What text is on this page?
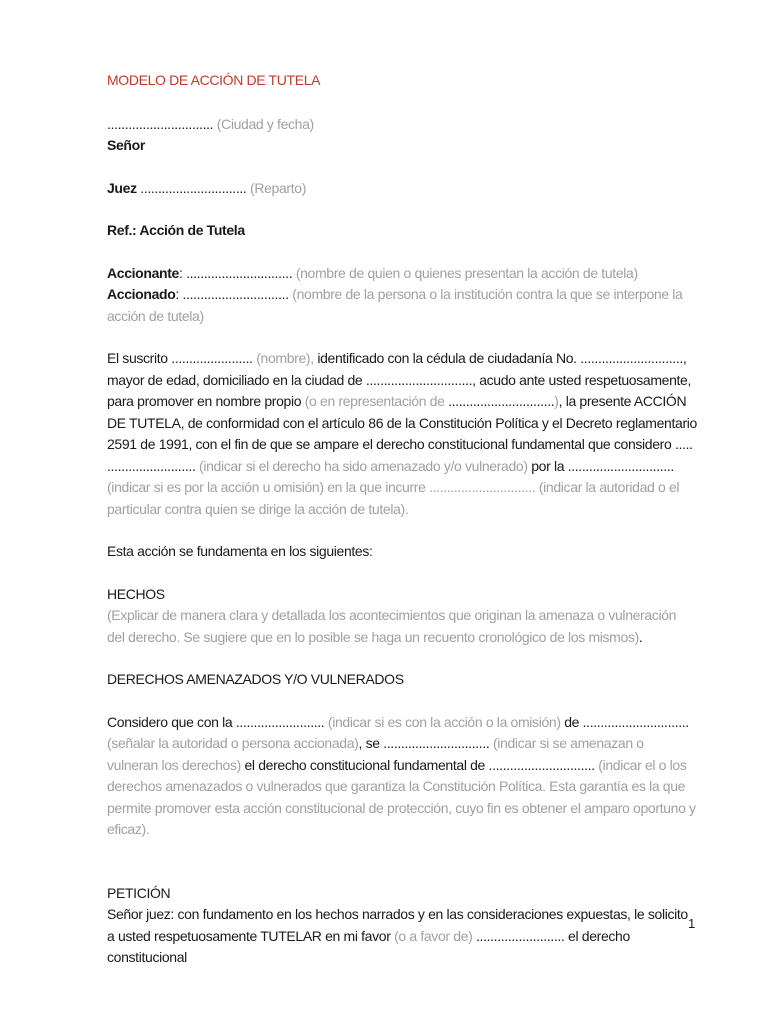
MODELO DE ACCIÓN DE TUTELA

.............................. (Ciudad y fecha)

Señor

Juez .............................. (Reparto)

Ref.: Acción de Tutela

Accionante: .............................. (nombre de quien o quienes presentan la acción de tutela)

Accionado: .............................. (nombre de la persona o la institución contra la que se interpone la acción de tutela)

El suscrito ....................... (nombre), identificado con la cédula de ciudadanía No. ............................., mayor de edad, domiciliado en la ciudad de .............................., acudo ante usted respetuosamente, para promover en nombre propio (o en representación de ..............................), la presente ACCIÓN DE TUTELA, de conformidad con el artículo 86 de la Constitución Política y el Decreto reglamentario 2591 de 1991, con el fin de que se ampare el derecho constitucional fundamental que considero ..... ......................... (indicar si el derecho ha sido amenazado y/o vulnerado) por la .............................. (indicar si es por la acción u omisión) en la que incurre .............................. (indicar la autoridad o el particular contra quien se dirige la acción de tutela).

Esta acción se fundamenta en los siguientes:

HECHOS

(Explicar de manera clara y detallada los acontecimientos que originan la amenaza o vulneración del derecho. Se sugiere que en lo posible se haga un recuento cronológico de los mismos).

DERECHOS AMENAZADOS Y/O VULNERADOS

Considero que con la ......................... (indicar si es con la acción o la omisión) de .............................. (señalar la autoridad o persona accionada), se .............................. (indicar si se amenazan o vulneran los derechos) el derecho constitucional fundamental de .............................. (indicar el o los derechos amenazados o vulnerados que garantiza la Constitución Política. Esta garantía es la que permite promover esta acción constitucional de protección, cuyo fin es obtener el amparo oportuno y eficaz).

PETICIÓN

Señor juez: con fundamento en los hechos narrados y en las consideraciones expuestas, le solicito a usted respetuosamente TUTELAR en mi favor (o a favor de) ......................... el derecho constitucional

1
